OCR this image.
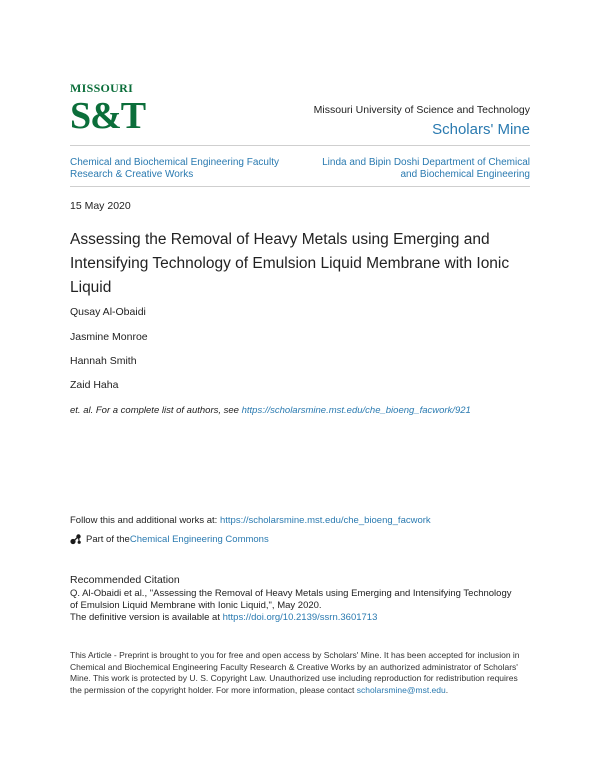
MISSOURI
S&T	Missouri University of Science and Technology
Scholars' Mine
Chemical and Biochemical Engineering Faculty
Research & Creative Works
Linda and Bipin Doshi Department of Chemical
and Biochemical Engineering
15 May 2020
Assessing the Removal of Heavy Metals using Emerging and Intensifying Technology of Emulsion Liquid Membrane with Ionic Liquid
Qusay Al-Obaidi
Jasmine Monroe
Hannah Smith
Zaid Haha
et. al. For a complete list of authors, see https://scholarsmine.mst.edu/che_bioeng_facwork/921
Follow this and additional works at: https://scholarsmine.mst.edu/che_bioeng_facwork
Part of the Chemical Engineering Commons
Recommended Citation
Q. Al-Obaidi et al., "Assessing the Removal of Heavy Metals using Emerging and Intensifying Technology
of Emulsion Liquid Membrane with Ionic Liquid,", May 2020.
The definitive version is available at https://doi.org/10.2139/ssrn.3601713
This Article - Preprint is brought to you for free and open access by Scholars' Mine. It has been accepted for inclusion in Chemical and Biochemical Engineering Faculty Research & Creative Works by an authorized administrator of Scholars' Mine. This work is protected by U. S. Copyright Law. Unauthorized use including reproduction for redistribution requires the permission of the copyright holder. For more information, please contact scholarsmine@mst.edu.
